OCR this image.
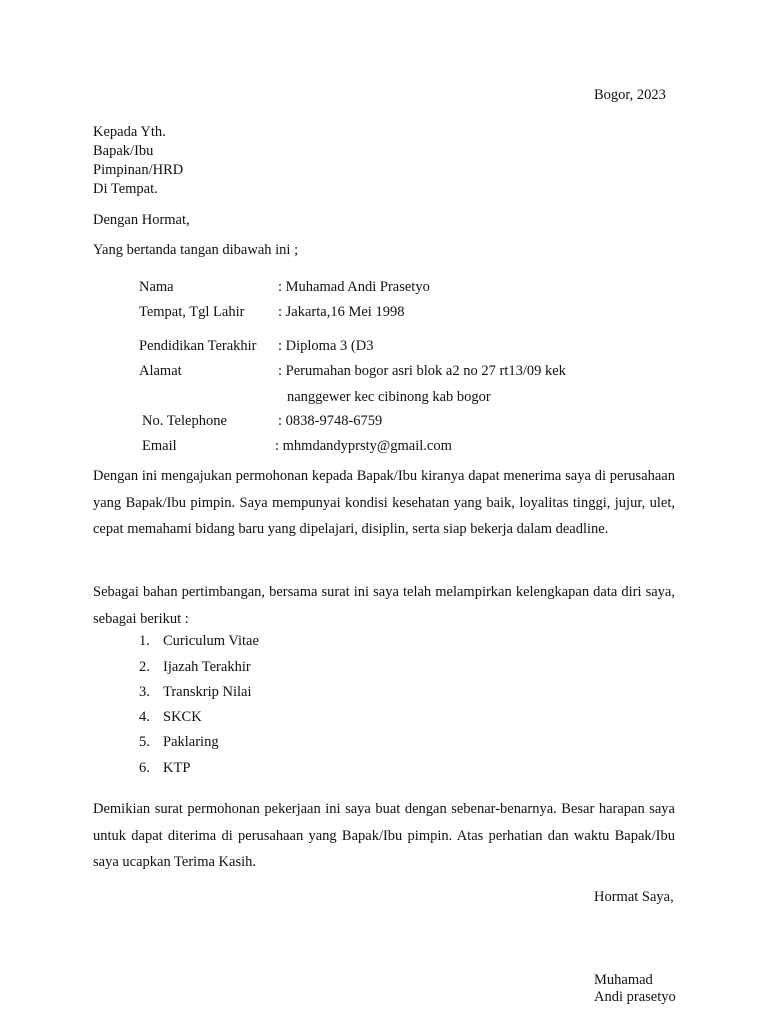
Bogor, 2023
Kepada Yth.
Bapak/Ibu
Pimpinan/HRD
Di Tempat.
Dengan Hormat,
Yang bertanda tangan dibawah ini ;
Nama	: Muhamad Andi Prasetyo
Tempat, Tgl Lahir : Jakarta,16 Mei 1998
Pendidikan Terakhir : Diploma 3 (D3
Alamat	: Perumahan bogor asri blok a2 no 27 rt13/09 kek
nanggewer kec cibinong kab bogor
No. Telephone	: 0838-9748-6759
Email	: mhmdandyprsty@gmail.com
Dengan ini mengajukan permohonan kepada Bapak/Ibu kiranya dapat menerima saya di perusahaan yang Bapak/Ibu pimpin. Saya mempunyai kondisi kesehatan yang baik, loyalitas tinggi, jujur, ulet, cepat memahami bidang baru yang dipelajari, disiplin, serta siap bekerja dalam deadline.
Sebagai bahan pertimbangan, bersama surat ini saya telah melampirkan kelengkapan data diri saya, sebagai berikut :
1. Curiculum Vitae
2. Ijazah Terakhir
3. Transkrip Nilai
4. SKCK
5. Paklaring
6. KTP
Demikian surat permohonan pekerjaan ini saya buat dengan sebenar-benarnya. Besar harapan saya untuk dapat diterima di perusahaan yang Bapak/Ibu pimpin. Atas perhatian dan waktu Bapak/Ibu saya ucapkan Terima Kasih.
Hormat Saya,
Muhamad
Andi prasetyo
